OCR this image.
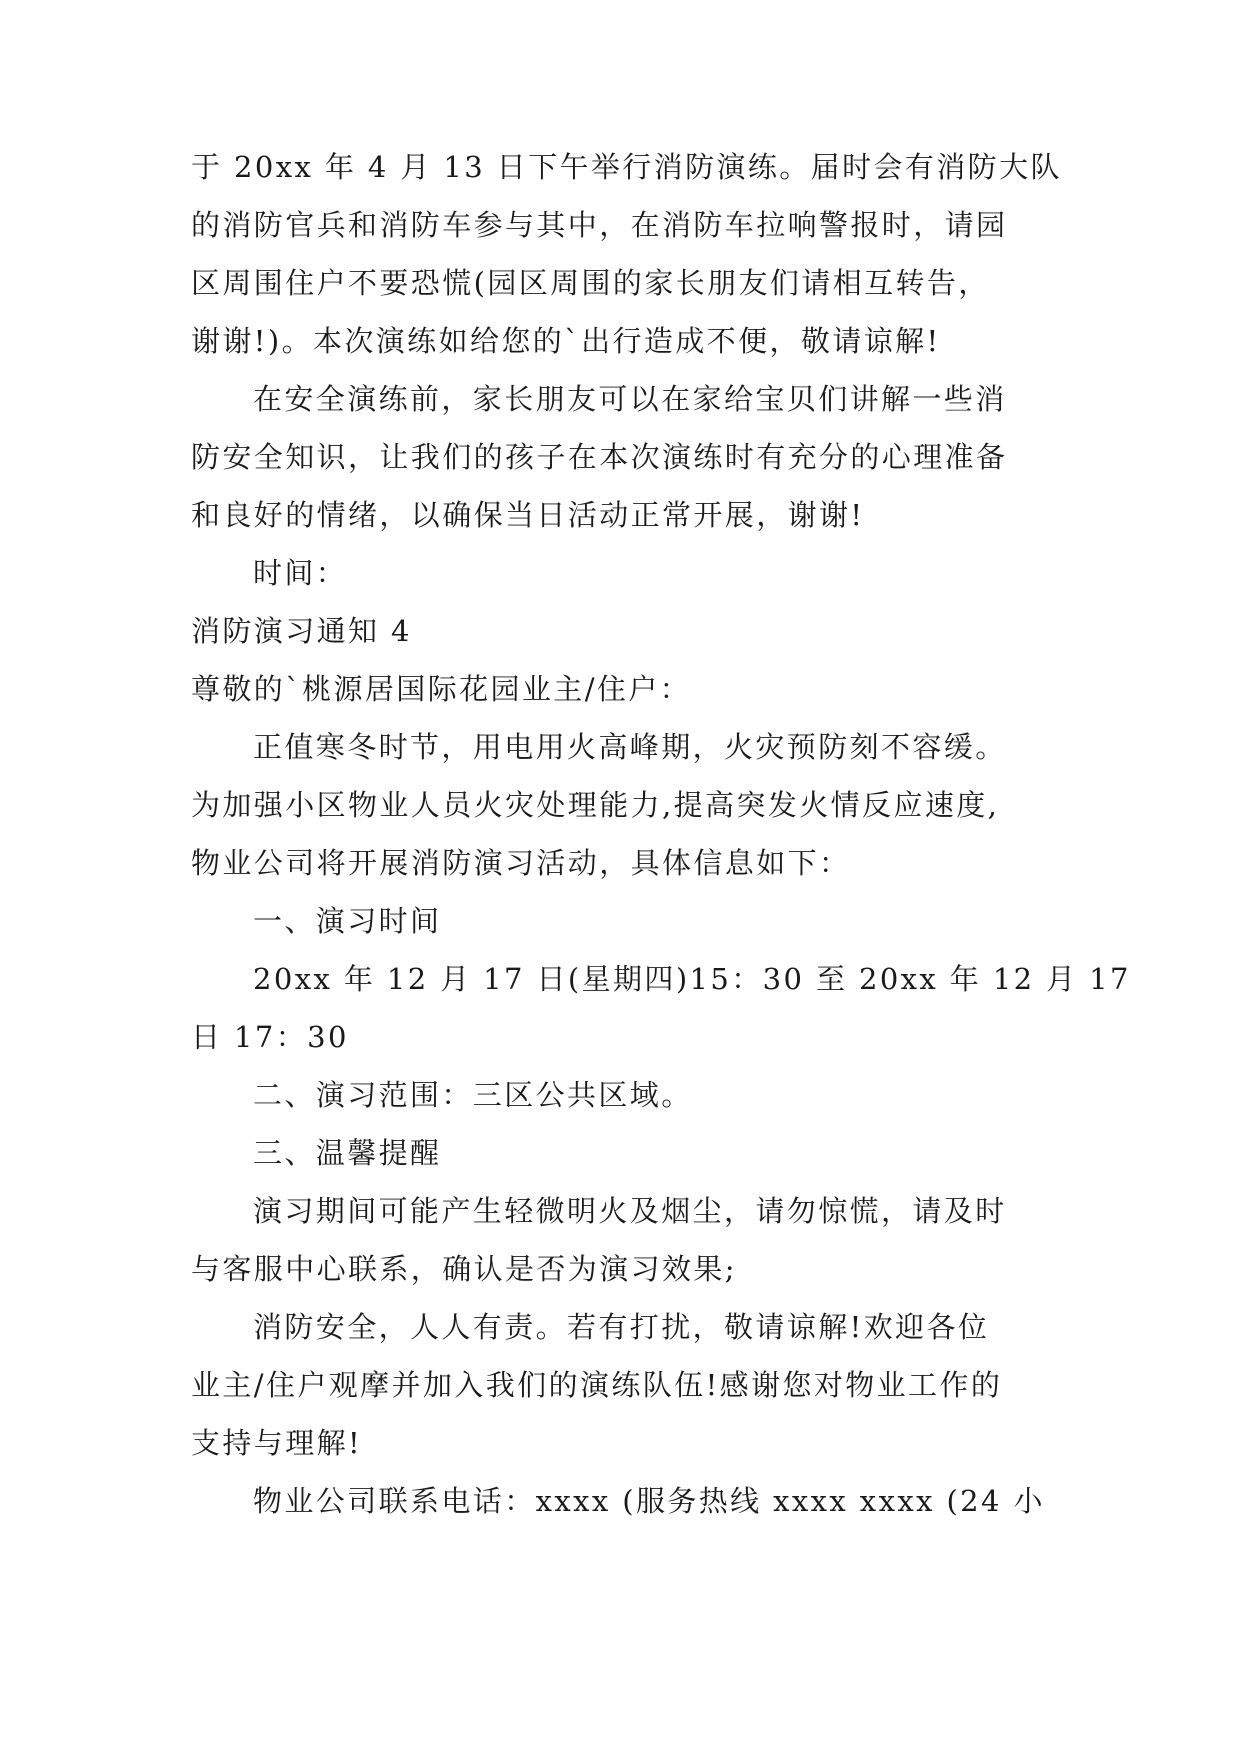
于 20xx 年 4 月 13 日下午举行消防演练。届时会有消防大队
的消防官兵和消防车参与其中，在消防车拉响警报时，请园
区周围住户不要恐慌(园区周围的家长朋友们请相互转告，
谢谢!)。本次演练如给您的`出行造成不便，敬请谅解!
在安全演练前，家长朋友可以在家给宝贝们讲解一些消
防安全知识，让我们的孩子在本次演练时有充分的心理准备
和良好的情绪，以确保当日活动正常开展，谢谢!
时间：
消防演习通知 4
尊敬的`桃源居国际花园业主/住户：
正值寒冬时节，用电用火高峰期，火灾预防刻不容缓。
为加强小区物业人员火灾处理能力,提高突发火情反应速度,
物业公司将开展消防演习活动，具体信息如下：
一、演习时间
20xx 年 12 月 17 日(星期四)15：30 至 20xx 年 12 月 17
日 17：30
二、演习范围：三区公共区域。
三、温馨提醒
演习期间可能产生轻微明火及烟尘，请勿惊慌，请及时
与客服中心联系，确认是否为演习效果;
消防安全，人人有责。若有打扰，敬请谅解!欢迎各位
业主/住户观摩并加入我们的演练队伍!感谢您对物业工作的
支持与理解!
物业公司联系电话：xxxx (服务热线 xxxx xxxx (24 小
